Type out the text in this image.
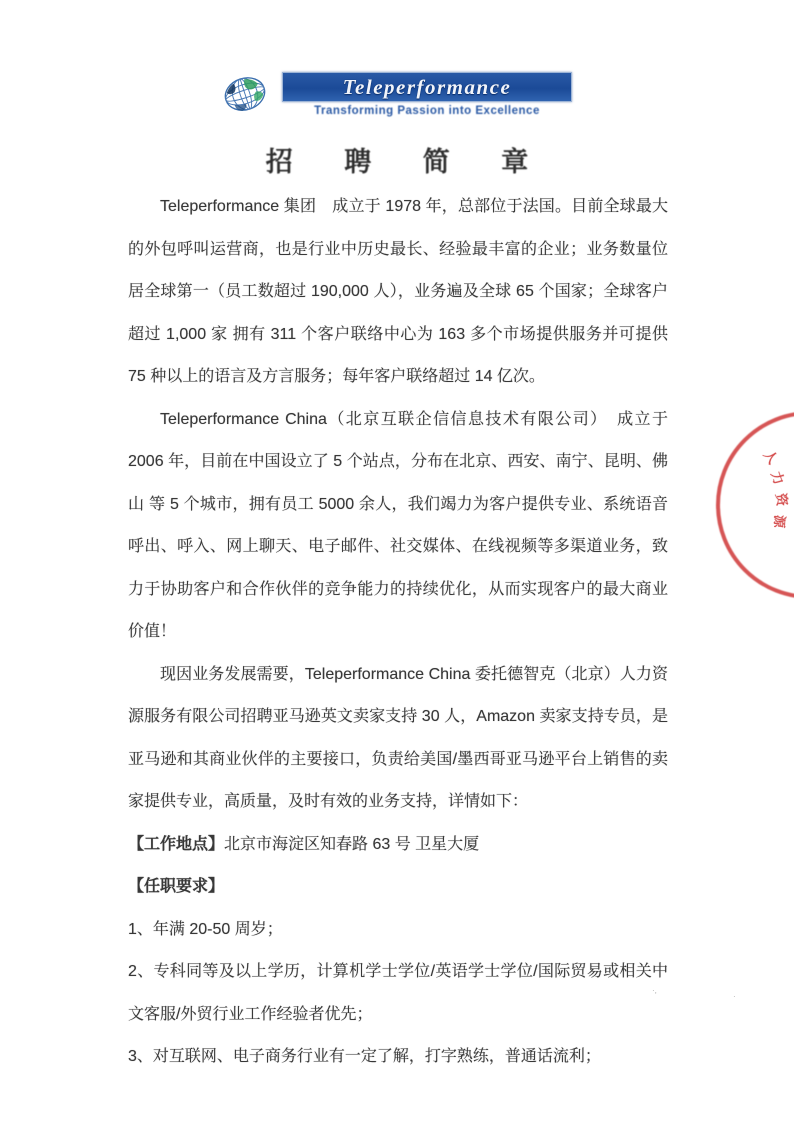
Teleperformance
Transforming Passion into Excellence
招 聘 简 章

Teleperformance 集团　成立于 1978 年，总部位于法国。目前全球最大的外包呼叫运营商，也是行业中历史最长、经验最丰富的企业；业务数量位居全球第一（员工数超过 190,000 人），业务遍及全球 65 个国家；全球客户超过 1,000 家 拥有 311 个客户联络中心为 163 多个市场提供服务并可提供 75 种以上的语言及方言服务；每年客户联络超过 14 亿次。

Teleperformance China（北京互联企信信息技术有限公司）　成立于 2006 年，目前在中国设立了 5 个站点，分布在北京、西安、南宁、昆明、佛山 等 5 个城市，拥有员工 5000 余人，我们竭力为客户提供专业、系统语音呼出、呼入、网上聊天、电子邮件、社交媒体、在线视频等多渠道业务，致力于协助客户和合作伙伴的竞争能力的持续优化，从而实现客户的最大商业价值！

现因业务发展需要，Teleperformance China 委托德智克（北京）人力资源服务有限公司招聘亚马逊英文卖家支持 30 人，Amazon 卖家支持专员，是亚马逊和其商业伙伴的主要接口，负责给美国/墨西哥亚马逊平台上销售的卖家提供专业，高质量，及时有效的业务支持，详情如下：

【工作地点】北京市海淀区知春路 63 号 卫星大厦

【任职要求】

1、年满 20-50 周岁；

2、专科同等及以上学历，计算机学士学位/英语学士学位/国际贸易或相关中文客服/外贸行业工作经验者优先；

3、对互联网、电子商务行业有一定了解，打字熟练，普通话流利；

人
力
资
源
·,
·
